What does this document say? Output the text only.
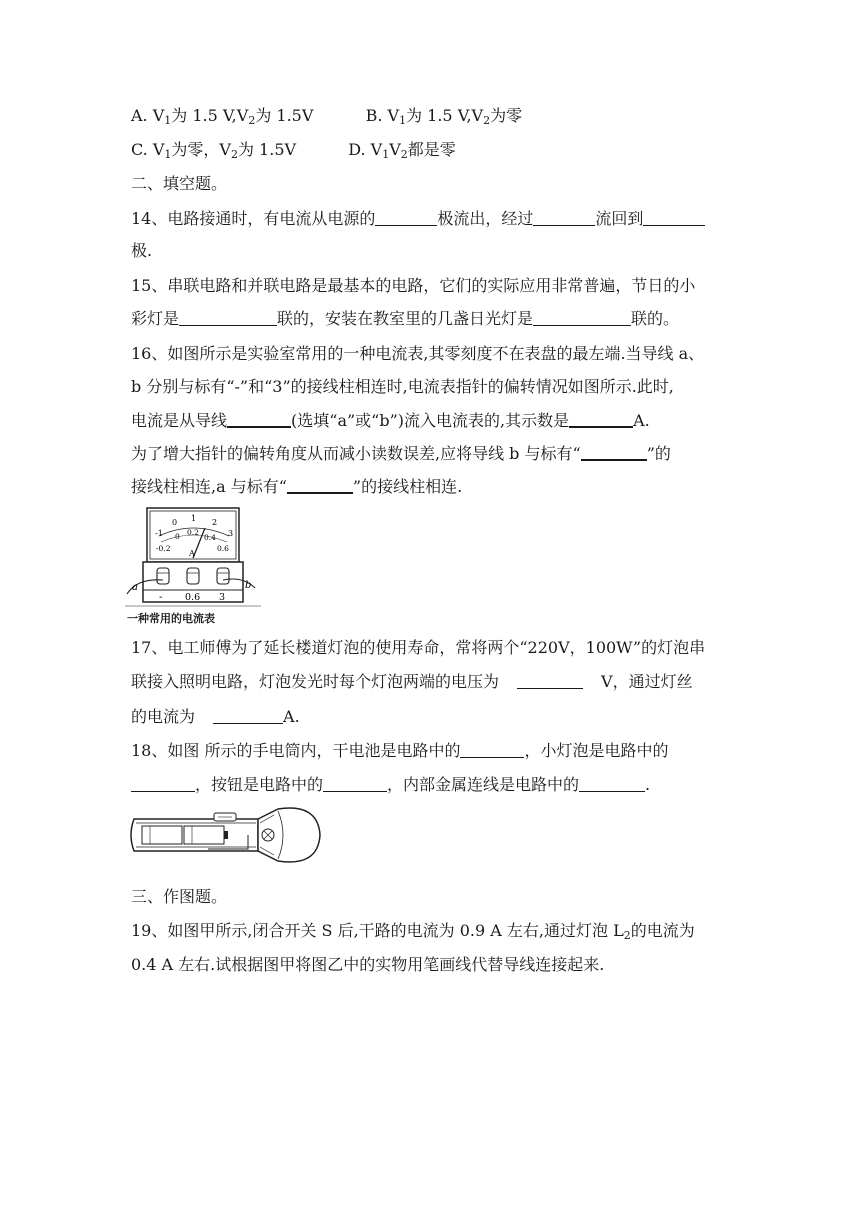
A. $V_1$为 1.5 $V,V_2$为 1.5V	B. $V_1$为 1.5 $V,V_2$为零
C. $V_1$为零，$V_2$为 1.5V	D. $V_1V_2$都是零
二、填空题。
14、电路接通时，有电流从电源的	极流出，经过	流回到
极.
15、串联电路和并联电路是最基本的电路，它们的实际应用非常普遍，节日的小
彩灯是	联的，安装在教室里的几盏日光灯是	联的。
16、如图所示是实验室常用的一种电流表,其零刻度不在表盘的最左端.当导线 a、
b 分别与标有“-”和“3”的接线柱相连时,电流表指针的偏转情况如图所示.此时,
电流是从导线	(选填“a”或“b”)流入电流表的,其示数是	A.
为了增大指针的偏转角度从而减小读数误差,应将导线 b 与标有“	”的
接线柱相连,a 与标有“	”的接线柱相连.
-1
0 1 2
3
-0.2
0 0.2
0.4
0.6
A
a	b
- 0.6 3
一种常用的电流表
17、电工师傅为了延长楼道灯泡的使用寿命，常将两个“220V，100W”的灯泡串
联接入照明电路，灯泡发光时每个灯泡两端的电压为	V，通过灯丝
的电流为	A.
18、如图 所示的手电筒内，干电池是电路中的	，小灯泡是电路中的
，按钮是电路中的	，内部金属连线是电路中的	.
三、作图题。
19、如图甲所示,闭合开关 S 后,干路的电流为 0.9 A 左右,通过灯泡 $L_2$的电流为
0.4 A 左右.试根据图甲将图乙中的实物用笔画线代替导线连接起来.
